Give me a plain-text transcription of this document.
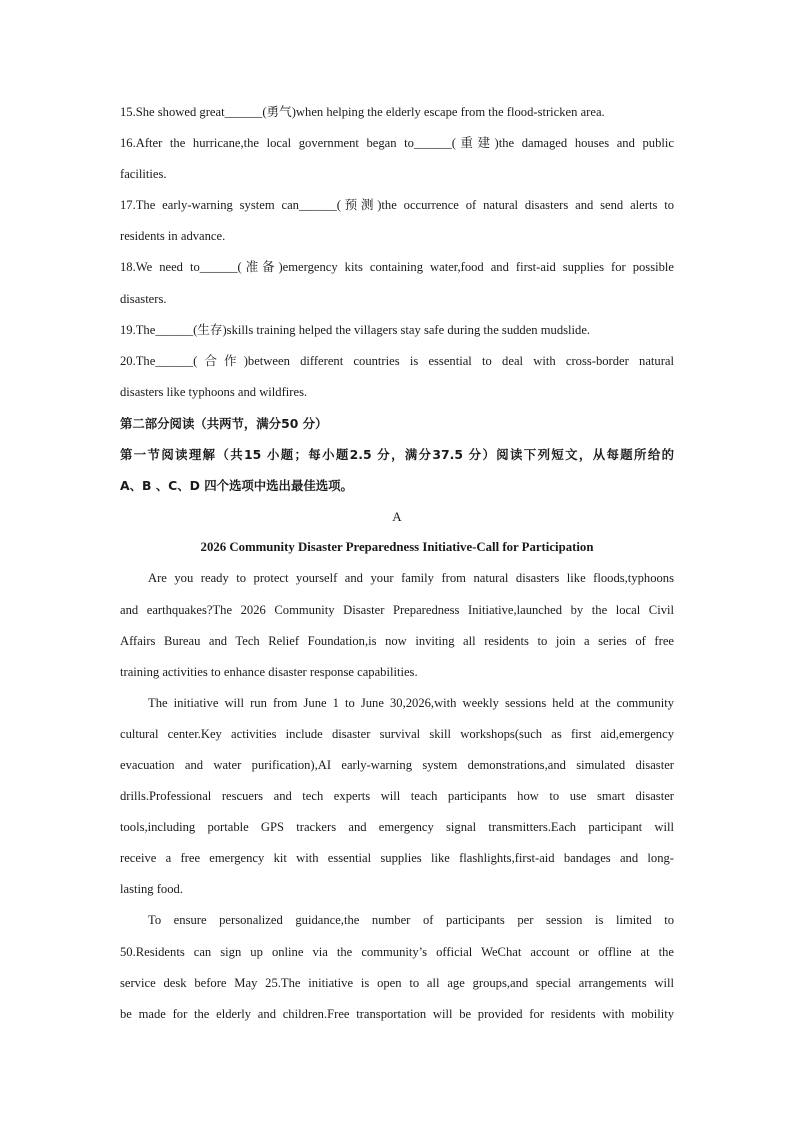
15.She showed great______(勇气)when helping the elderly escape from the flood-stricken area.
16.After the hurricane,the local government began to______(重建)the damaged houses and public
facilities.
17.The early-warning system can______(预测)the occurrence of natural disasters and send alerts to
residents in advance.
18.We need to______(准备)emergency kits containing water,food and first-aid supplies for possible
disasters.
19.The______(生存)skills training helped the villagers stay safe during the sudden mudslide.
20.The______(合作)between different countries is essential to deal with cross-border natural
disasters like typhoons and wildfires.
第二部分阅读（共两节，满分50 分）
第一节阅读理解（共15 小题；每小题2.5 分，满分37.5 分）阅读下列短文，从每题所给的
A、B 、C、D 四个选项中选出最佳选项。
A
2026 Community Disaster Preparedness Initiative-Call for Participation
Are you ready to protect yourself and your family from natural disasters like floods,typhoons
and earthquakes?The 2026 Community Disaster Preparedness Initiative,launched by the local Civil
Affairs Bureau and Tech Relief Foundation,is now inviting all residents to join a series of free
training activities to enhance disaster response capabilities.
The initiative will run from June 1 to June 30,2026,with weekly sessions held at the community
cultural center.Key activities include disaster survival skill workshops(such as first aid,emergency
evacuation and water purification),AI early-warning system demonstrations,and simulated disaster
drills.Professional rescuers and tech experts will teach participants how to use smart disaster
tools,including portable GPS trackers and emergency signal transmitters.Each participant will
receive a free emergency kit with essential supplies like flashlights,first-aid bandages and long-
lasting food.
To ensure personalized guidance,the number of participants per session is limited to
50.Residents can sign up online via the community’s official WeChat account or offline at the
service desk before May 25.The initiative is open to all age groups,and special arrangements will
be made for the elderly and children.Free transportation will be provided for residents with mobility
